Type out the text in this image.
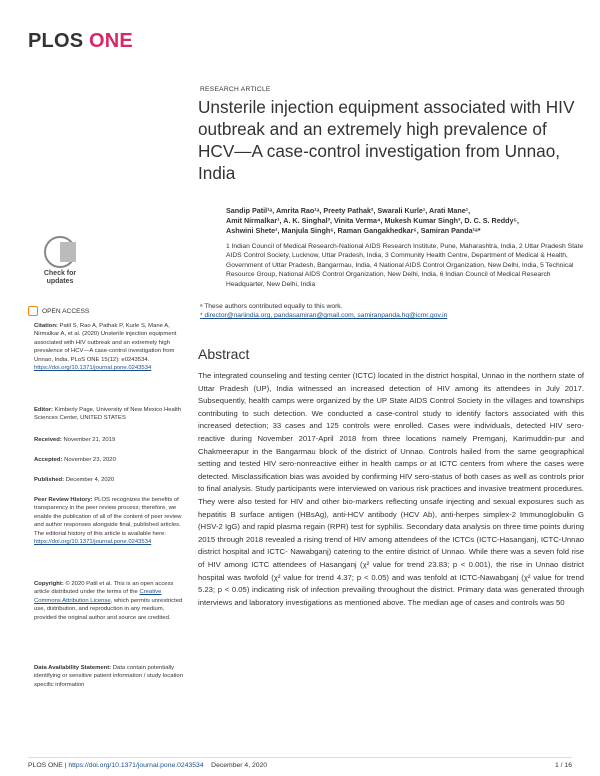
PLOS ONE
Check for updates
OPEN ACCESS
Citation: Patil S, Rao A, Pathak P, Kurle S, Mane A, Nirmalkar A, et al. (2020) Unsterile injection equipment associated with HIV outbreak and an extremely high prevalence of HCV—A case-control investigation from Unnao, India. PLoS ONE 15(12): e0243534. https://doi.org/10.1371/journal.pone.0243534
Editor: Kimberly Page, University of New Mexico Health Sciences Center, UNITED STATES
Received: November 21, 2019
Accepted: November 23, 2020
Published: December 4, 2020
Peer Review History: PLOS recognizes the benefits of transparency in the peer review process; therefore, we enable the publication of all of the content of peer review and author responses alongside final, published articles. The editorial history of this article is available here: https://doi.org/10.1371/journal.pone.0243534
Copyright: © 2020 Patil et al. This is an open access article distributed under the terms of the Creative Commons Attribution License, which permits unrestricted use, distribution, and reproduction in any medium, provided the original author and source are credited.
Data Availability Statement: Data contain potentially identifying or sensitive patient information / study location specific information
RESEARCH ARTICLE
Unsterile injection equipment associated with HIV outbreak and an extremely high prevalence of HCV—A case-control investigation from Unnao, India
Sandip Patil¹ᵃ, Amrita Rao¹ᵃ, Preety Pathak², Swarali Kurle¹, Arati Mane¹,
Amit Nirmalkar¹, A. K. Singhal³, Vinita Verma⁴, Mukesh Kumar Singh³, D. C. S. Reddy⁵,
Ashwini Shete¹, Manjula Singh⁶, Raman Gangakhedkar⁶, Samiran Panda¹ᵃ*
1 Indian Council of Medical Research-National AIDS Research Institute, Pune, Maharashtra, India, 2 Uttar Pradesh State AIDS Control Society, Lucknow, Uttar Pradesh, India, 3 Community Health Centre, Department of Medical & Health, Government of Uttar Pradesh, Bangarmau, India, 4 National AIDS Control Organization, New Delhi, India, 5 Technical Resource Group, National AIDS Control Organization, New Delhi, India, 6 Indian Council of Medical Research Headquarter, New Delhi, India
ᵃ These authors contributed equally to this work.
* director@nariindia.org, pandasamiran@gmail.com, samiranpanda.hq@icmr.gov.in
Abstract

The integrated counseling and testing center (ICTC) located in the district hospital, Unnao in the northern state of Uttar Pradesh (UP), India witnessed an increased detection of HIV among its attendees in July 2017. Subsequently, health camps were organized by the UP State AIDS Control Society in the villages and townships contributing to such detection. We conducted a case-control study to identify factors associated with this increased detection; 33 cases and 125 controls were enrolled. Cases were individuals, detected HIV sero-reactive during November 2017-April 2018 from three locations namely Premganj, Karimuddin-pur and Chakmeerapur in the Bangarmau block of the district of Unnao. Controls hailed from the same geographical setting and tested HIV sero-nonreactive either in health camps or at ICTC centers from where the cases were detected. Misclassification bias was avoided by confirming HIV sero-status of both cases as well as controls prior to final analysis. Study participants were interviewed on various risk practices and invasive treatment procedures. They were also tested for HIV and other bio-markers reflecting unsafe injecting and sexual exposures such as hepatitis B surface antigen (HBsAg), anti-HCV antibody (HCV Ab), anti-herpes simplex-2 Immunoglobulin G (HSV-2 IgG) and rapid plasma regain (RPR) test for syphilis. Secondary data analysis on three time points during 2015 through 2018 revealed a rising trend of HIV among attendees of the ICTCs (ICTC-Hasanganj, ICTC-Unnao district hospital and ICTC- Nawabganj) catering to the entire district of Unnao. While there was a seven fold rise of HIV among ICTC attendees of Hasanganj (χ² value for trend 23.83; p < 0.001), the rise in Unnao district hospital was twofold (χ² value for trend 4.37; p < 0.05) and was tenfold at ICTC-Nawabganj (χ² value for trend 5.23; p < 0.05) indicating risk of infection prevailing throughout the district. Primary data was generated through interviews and laboratory investigations as mentioned above. The median age of cases and controls was 50

PLOS ONE | https://doi.org/10.1371/journal.pone.0243534 December 4, 2020	1 / 16
